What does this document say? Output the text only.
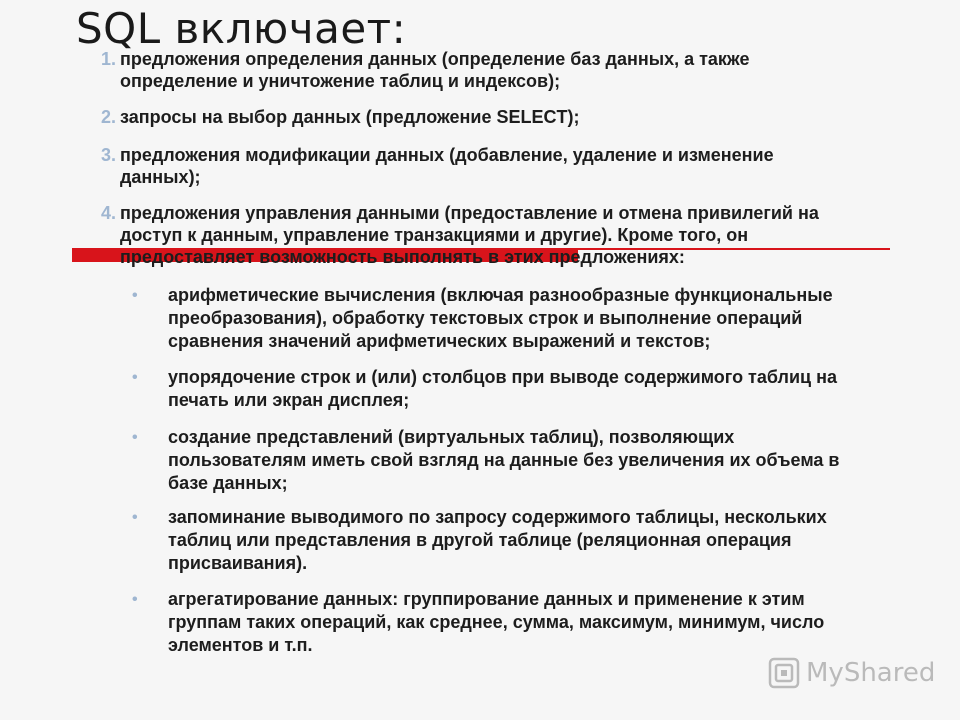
SQL включает:
1. предложения определения данных (определение баз данных, а также
определение и уничтожение таблиц и индексов);
2. запросы на выбор данных (предложение SELECT);
3. предложения модификации данных (добавление, удаление и изменение
данных);
4. предложения управления данными (предоставление и отмена привилегий на
доступ к данным, управление транзакциями и другие). Кроме того, он
предоставляет возможность выполнять в этих предложениях:
• арифметические вычисления (включая разнообразные функциональные
преобразования), обработку текстовых строк и выполнение операций
сравнения значений арифметических выражений и текстов;
• упорядочение строк и (или) столбцов при выводе содержимого таблиц на
печать или экран дисплея;
• создание представлений (виртуальных таблиц), позволяющих
пользователям иметь свой взгляд на данные без увеличения их объема в
базе данных;
• запоминание выводимого по запросу содержимого таблицы, нескольких
таблиц или представления в другой таблице (реляционная операция
присваивания).
• агрегатирование данных: группирование данных и применение к этим
группам таких операций, как среднее, сумма, максимум, минимум, число
элементов и т.п.
MyShared
